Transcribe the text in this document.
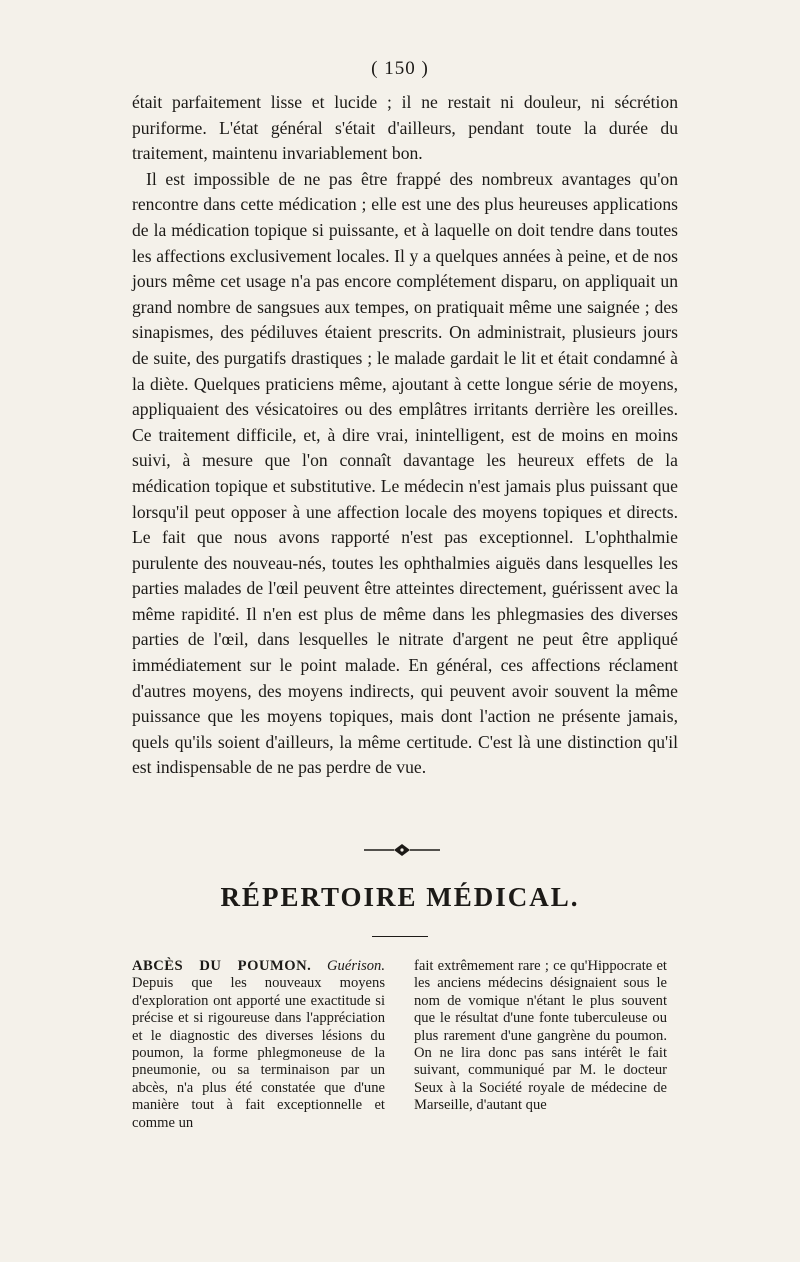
( 150 )

était parfaitement lisse et lucide ; il ne restait ni douleur, ni sécrétion puriforme. L'état général s'était d'ailleurs, pendant toute la durée du traitement, maintenu invariablement bon.

Il est impossible de ne pas être frappé des nombreux avantages qu'on rencontre dans cette médication ; elle est une des plus heureuses applications de la médication topique si puissante, et à laquelle on doit tendre dans toutes les affections exclusivement locales. Il y a quelques années à peine, et de nos jours même cet usage n'a pas encore complétement disparu, on appliquait un grand nombre de sangsues aux tempes, on pratiquait même une saignée ; des sinapismes, des pédiluves étaient prescrits. On administrait, plusieurs jours de suite, des purgatifs drastiques ; le malade gardait le lit et était condamné à la diète. Quelques praticiens même, ajoutant à cette longue série de moyens, appliquaient des vésicatoires ou des emplâtres irritants derrière les oreilles. Ce traitement difficile, et, à dire vrai, inintelligent, est de moins en moins suivi, à mesure que l'on connaît davantage les heureux effets de la médication topique et substitutive. Le médecin n'est jamais plus puissant que lorsqu'il peut opposer à une affection locale des moyens topiques et directs. Le fait que nous avons rapporté n'est pas exceptionnel. L'ophthalmie purulente des nouveau-nés, toutes les ophthalmies aiguës dans lesquelles les parties malades de l'œil peuvent être atteintes directement, guérissent avec la même rapidité. Il n'en est plus de même dans les phlegmasies des diverses parties de l'œil, dans lesquelles le nitrate d'argent ne peut être appliqué immédiatement sur le point malade. En général, ces affections réclament d'autres moyens, des moyens indirects, qui peuvent avoir souvent la même puissance que les moyens topiques, mais dont l'action ne présente jamais, quels qu'ils soient d'ailleurs, la même certitude. C'est là une distinction qu'il est indispensable de ne pas perdre de vue.

RÉPERTOIRE MÉDICAL.

ABCÈS DU POUMON. Guérison. Depuis que les nouveaux moyens d'exploration ont apporté une exactitude si précise et si rigoureuse dans l'appréciation et le diagnostic des diverses lésions du poumon, la forme phlegmoneuse de la pneumonie, ou sa terminaison par un abcès, n'a plus été constatée que d'une manière tout à fait exceptionnelle et comme un

fait extrêmement rare ; ce qu'Hippocrate et les anciens médecins désignaient sous le nom de vomique n'étant le plus souvent que le résultat d'une fonte tuberculeuse ou plus rarement d'une gangrène du poumon. On ne lira donc pas sans intérêt le fait suivant, communiqué par M. le docteur Seux à la Société royale de médecine de Marseille, d'autant que
